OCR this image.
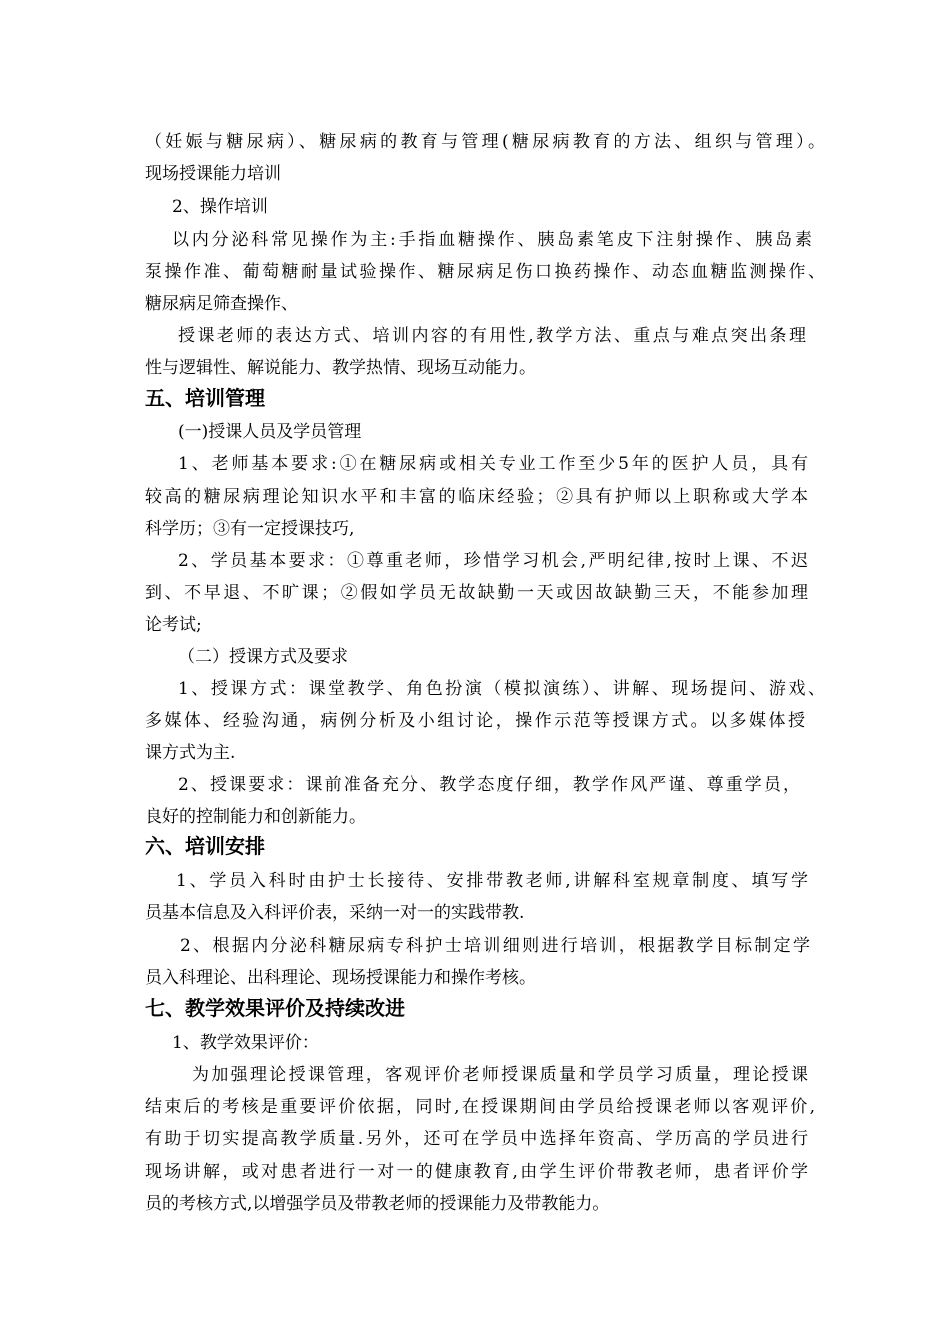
（妊娠与糖尿病）、糖尿病的教育与管理(糖尿病教育的方法、组织与管理）。

现场授课能力培训

2、操作培训

以内分泌科常见操作为主:手指血糖操作、胰岛素笔皮下注射操作、胰岛素

泵操作准、葡萄糖耐量试验操作、糖尿病足伤口换药操作、动态血糖监测操作、

糖尿病足筛查操作、

授课老师的表达方式、培训内容的有用性,教学方法、重点与难点突出条理

性与逻辑性、解说能力、教学热情、现场互动能力。

五、培训管理

(一)授课人员及学员管理

1、老师基本要求:①在糖尿病或相关专业工作至少5年的医护人员，具有

较高的糖尿病理论知识水平和丰富的临床经验；②具有护师以上职称或大学本

科学历；③有一定授课技巧,

2、学员基本要求：①尊重老师，珍惜学习机会,严明纪律,按时上课、不迟

到、不早退、不旷课；②假如学员无故缺勤一天或因故缺勤三天，不能参加理

论考试;

（二）授课方式及要求

1、授课方式：课堂教学、角色扮演（模拟演练）、讲解、现场提问、游戏、

多媒体、经验沟通，病例分析及小组讨论，操作示范等授课方式。以多媒体授

课方式为主.

2、授课要求：课前准备充分、教学态度仔细，教学作风严谨、尊重学员，

良好的控制能力和创新能力。

六、培训安排

1、学员入科时由护士长接待、安排带教老师,讲解科室规章制度、填写学

员基本信息及入科评价表，采纳一对一的实践带教.

2、根据内分泌科糖尿病专科护士培训细则进行培训，根据教学目标制定学

员入科理论、出科理论、现场授课能力和操作考核。

七、教学效果评价及持续改进

1、教学效果评价：

为加强理论授课管理，客观评价老师授课质量和学员学习质量，理论授课

结束后的考核是重要评价依据，同时,在授课期间由学员给授课老师以客观评价,

有助于切实提高教学质量.另外，还可在学员中选择年资高、学历高的学员进行

现场讲解，或对患者进行一对一的健康教育,由学生评价带教老师，患者评价学

员的考核方式,以增强学员及带教老师的授课能力及带教能力。
